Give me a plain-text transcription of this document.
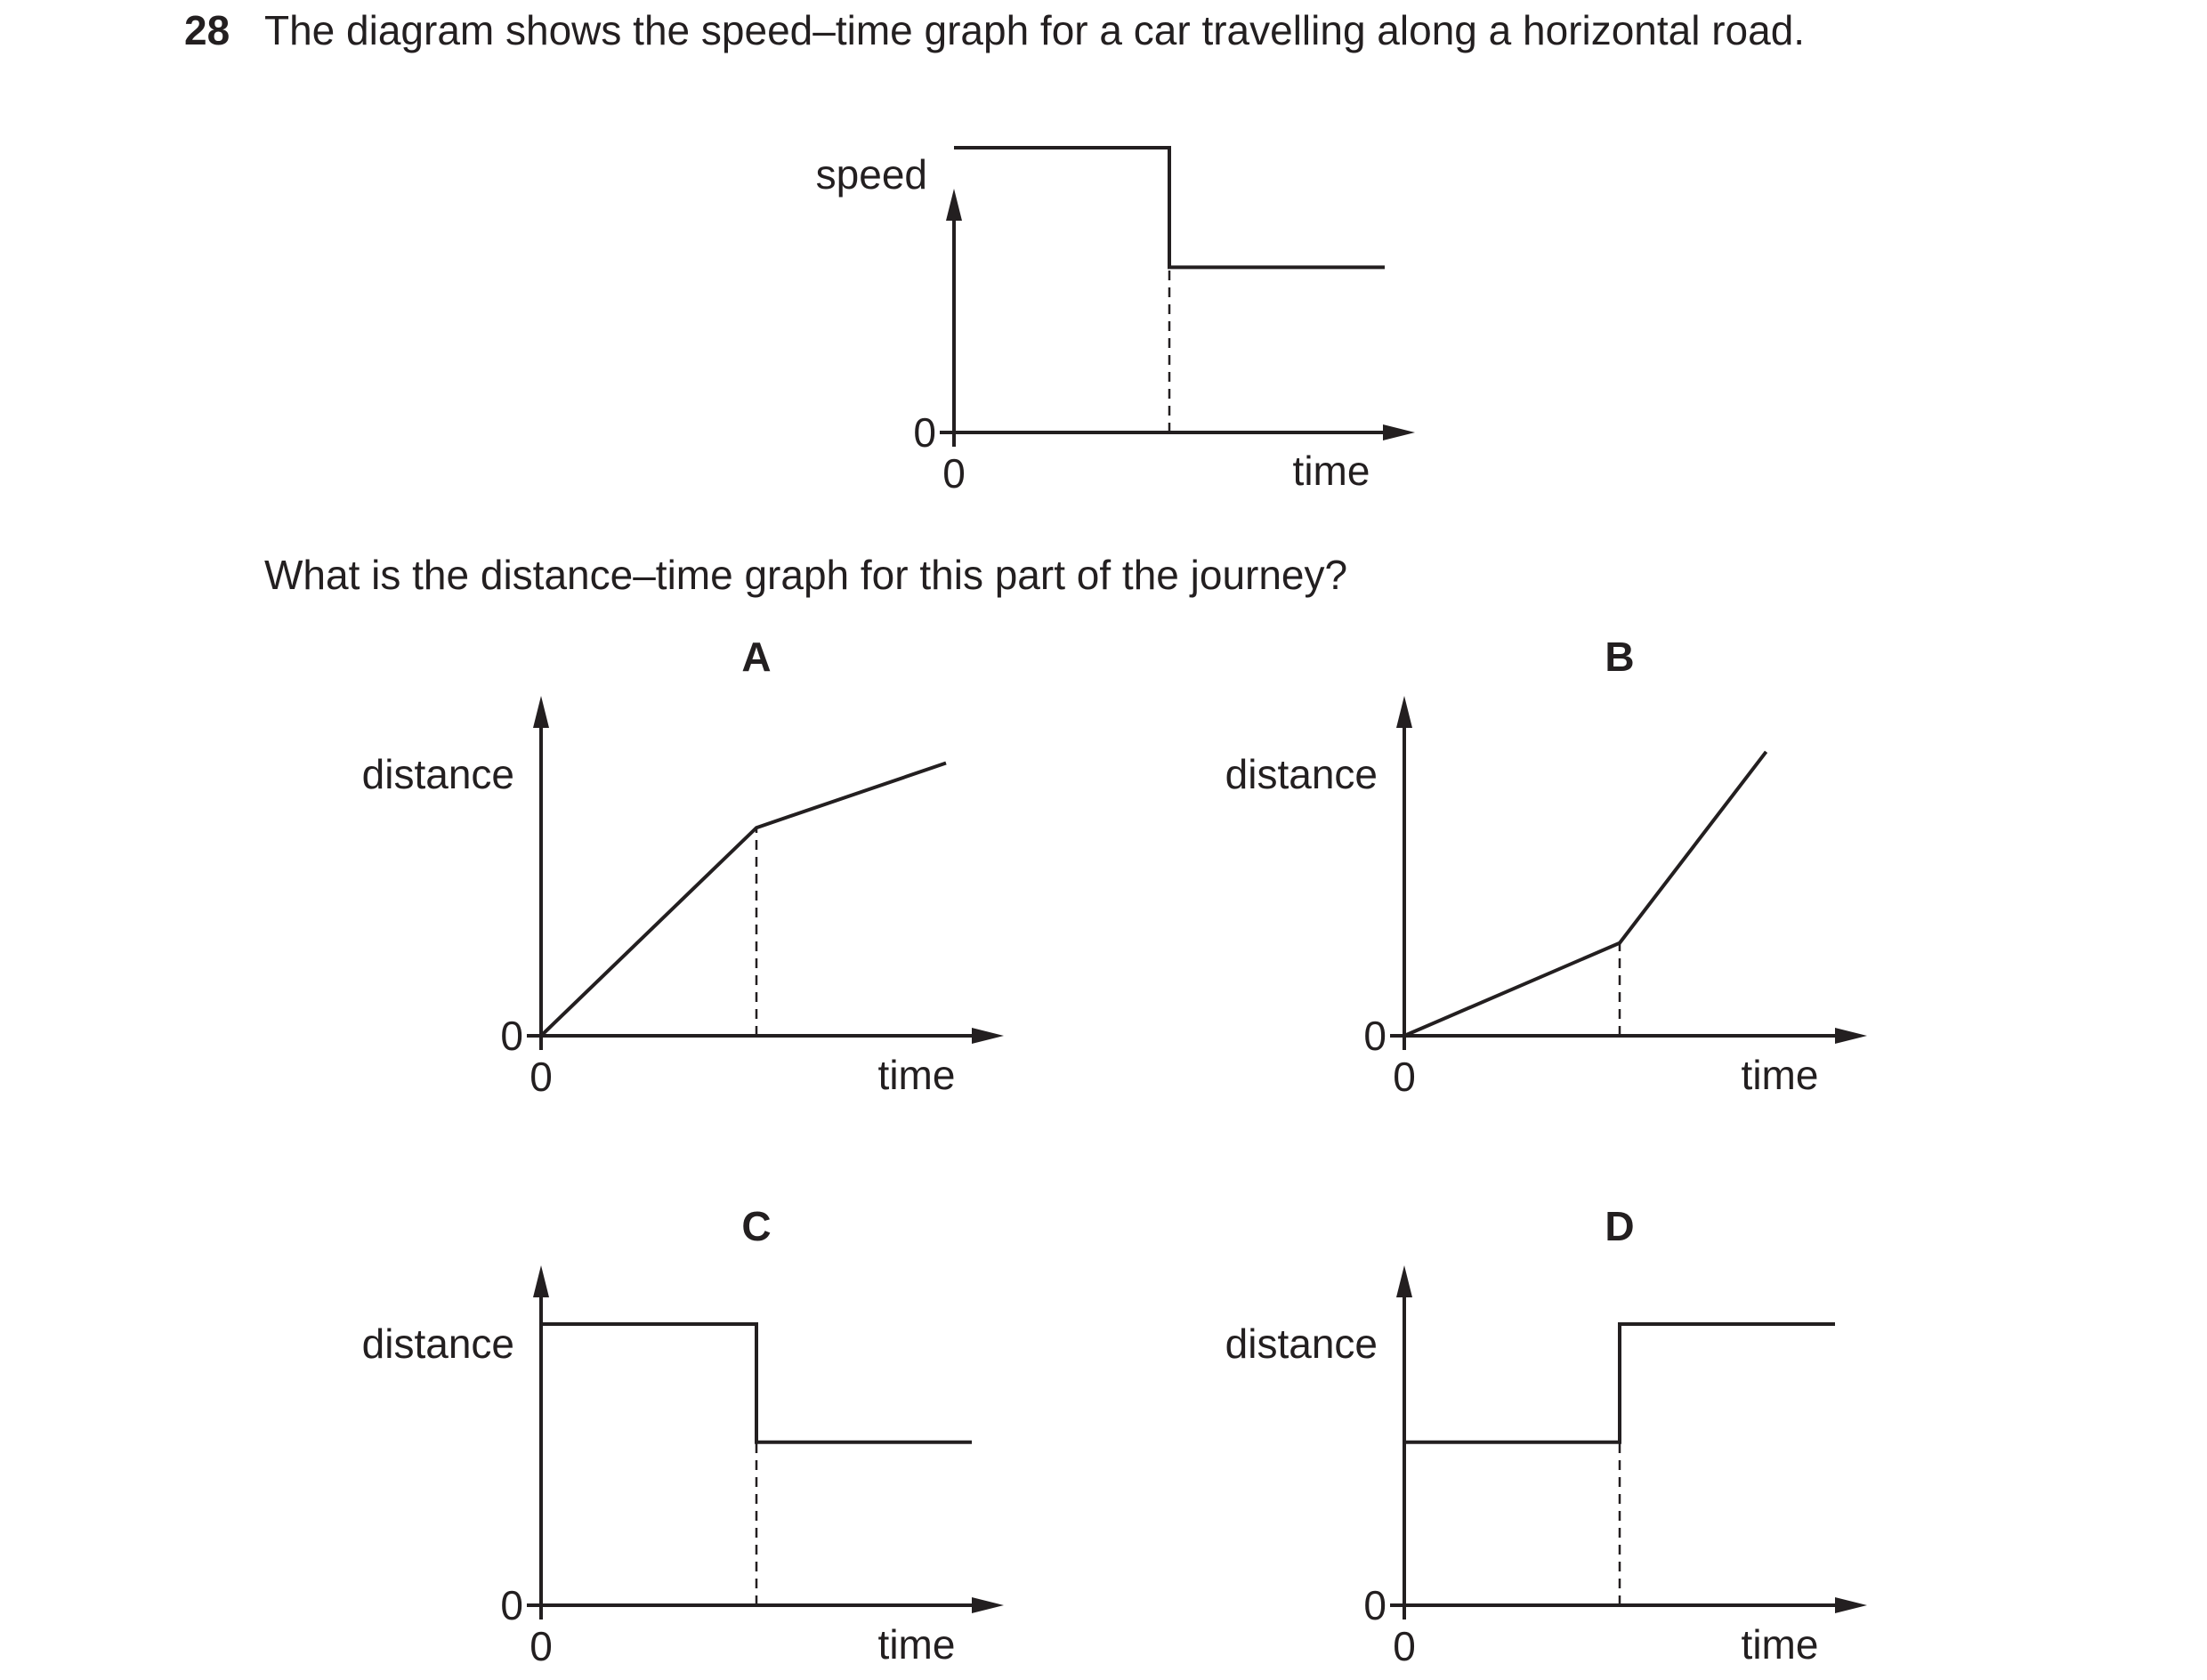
28 The diagram shows the speed–time graph for a car travelling along a horizontal road.
What is the distance–time graph for this part of the journey?
speed
time
0
0
A
distance
time
0
0
B
distance
time
0
0
C
distance
time
0
0
D
distance
time
0
0
